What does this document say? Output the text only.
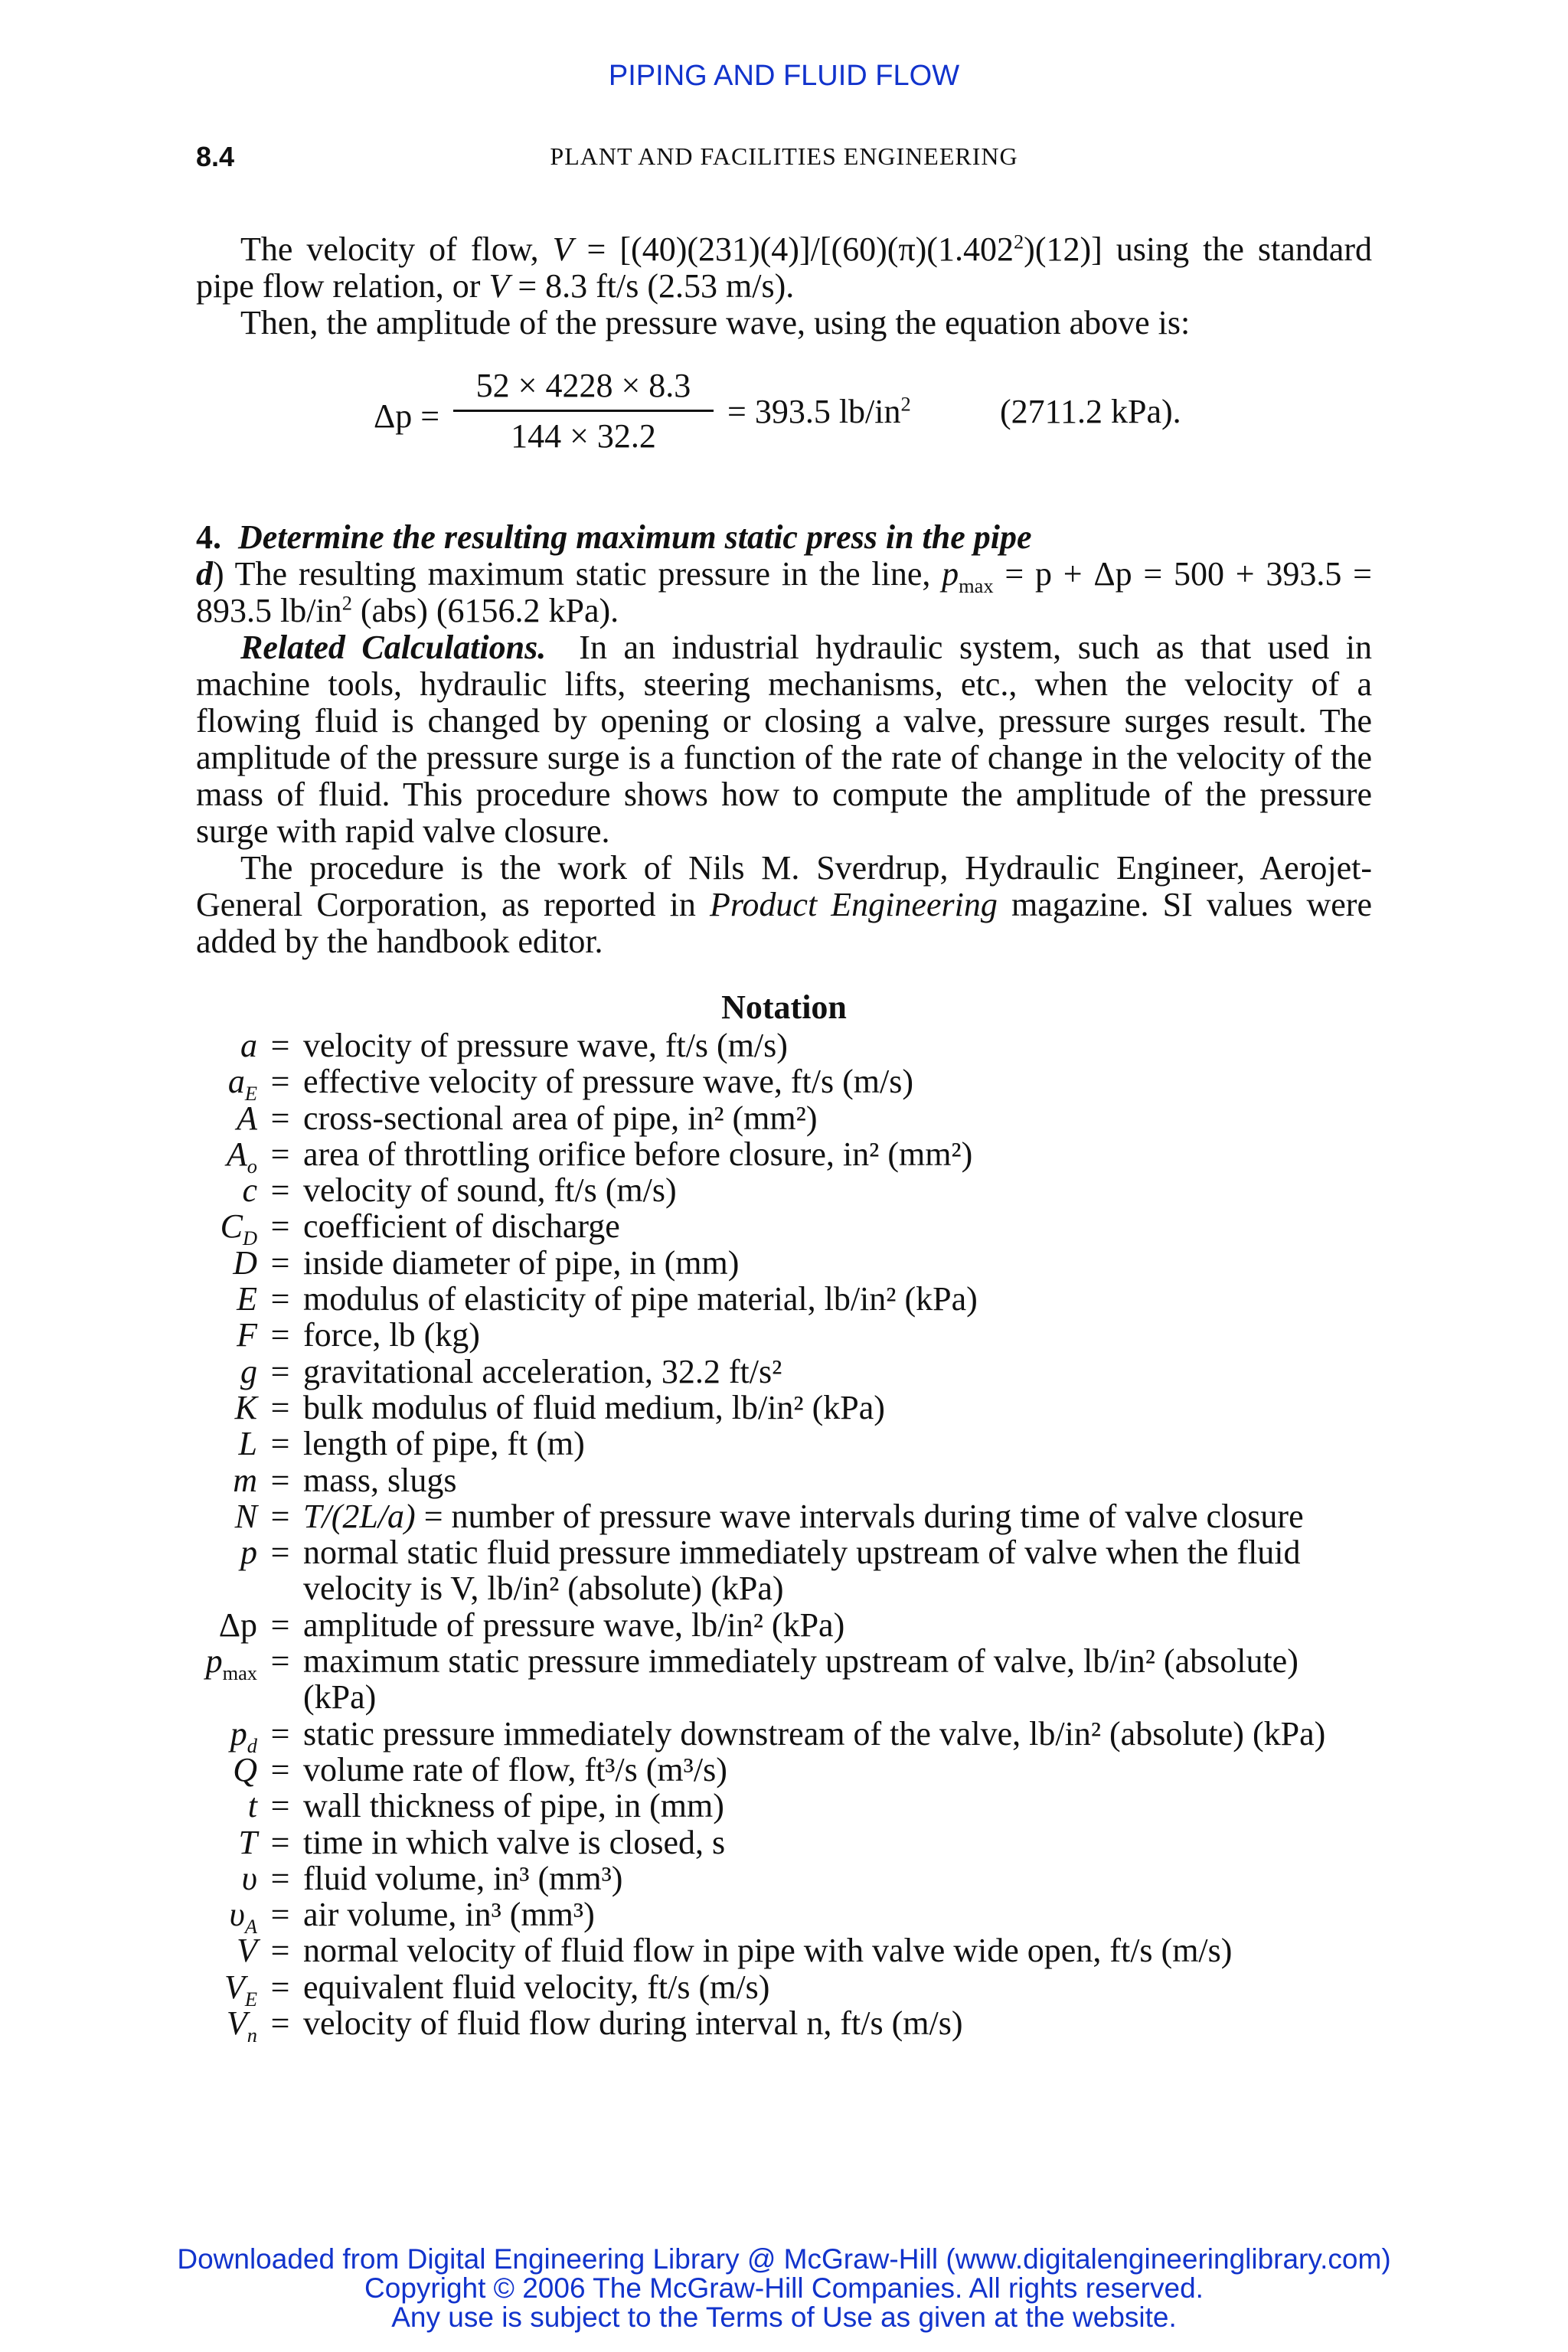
PIPING AND FLUID FLOW
8.4	PLANT AND FACILITIES ENGINEERING

The velocity of flow, $V = [(40)(231)(4)]/[(60)(\pi)(1.402^2)(12)]$ using the standard pipe flow relation, or V = 8.3 ft/s (2.53 m/s).

Then, the amplitude of the pressure wave, using the equation above is:

Δp =
52 × 4228 × 8.3
144 × 32.2
= 393.5 $lb/in^2$	(2711.2 kPa).
4. Determine the resulting maximum static press in the pipe

d) The resulting maximum static pressure in the line, $p_{max} = p + \Delta p = 500 + 393.5 = 893.5$ $lb/in^2$ (abs) (6156.2 kPa).

Related Calculations. In an industrial hydraulic system, such as that used in machine tools, hydraulic lifts, steering mechanisms, etc., when the velocity of a flowing fluid is changed by opening or closing a valve, pressure surges result. The amplitude of the pressure surge is a function of the rate of change in the velocity of the mass of fluid. This procedure shows how to compute the amplitude of the pressure surge with rapid valve closure.

The procedure is the work of Nils M. Sverdrup, Hydraulic Engineer, Aerojet-General Corporation, as reported in Product Engineering magazine. SI values were added by the handbook editor.

Notation
a = velocity of pressure wave, ft/s (m/s)
$a_E$ = effective velocity of pressure wave, ft/s (m/s)
A = cross-sectional area of pipe, in² (mm²)
$A_o$ = area of throttling orifice before closure, in² (mm²)
c = velocity of sound, ft/s (m/s)
$C_D$ = coefficient of discharge
D = inside diameter of pipe, in (mm)
E = modulus of elasticity of pipe material, lb/in² (kPa)
F = force, lb (kg)
g = gravitational acceleration, 32.2 ft/s²
K = bulk modulus of fluid medium, lb/in² (kPa)
L = length of pipe, ft (m)
m = mass, slugs
N = T/(2L/a) = number of pressure wave intervals during time of valve closure
p = normal static fluid pressure immediately upstream of valve when the fluid velocity is V, lb/in² (absolute) (kPa)
Δp = amplitude of pressure wave, lb/in² (kPa)
$p_{max}$ = maximum static pressure immediately upstream of valve, lb/in² (absolute) (kPa)
$p_d$ = static pressure immediately downstream of the valve, lb/in² (absolute) (kPa)
Q = volume rate of flow, ft³/s (m³/s)
t = wall thickness of pipe, in (mm)
T = time in which valve is closed, s
υ = fluid volume, in³ (mm³)
$\upsilon_A$ = air volume, in³ (mm³)
V = normal velocity of fluid flow in pipe with valve wide open, ft/s (m/s)
$V_E$ = equivalent fluid velocity, ft/s (m/s)
$V_n$ = velocity of fluid flow during interval n, ft/s (m/s)
Downloaded from Digital Engineering Library @ McGraw-Hill (www.digitalengineeringlibrary.com)
Copyright © 2006 The McGraw-Hill Companies. All rights reserved.
Any use is subject to the Terms of Use as given at the website.
